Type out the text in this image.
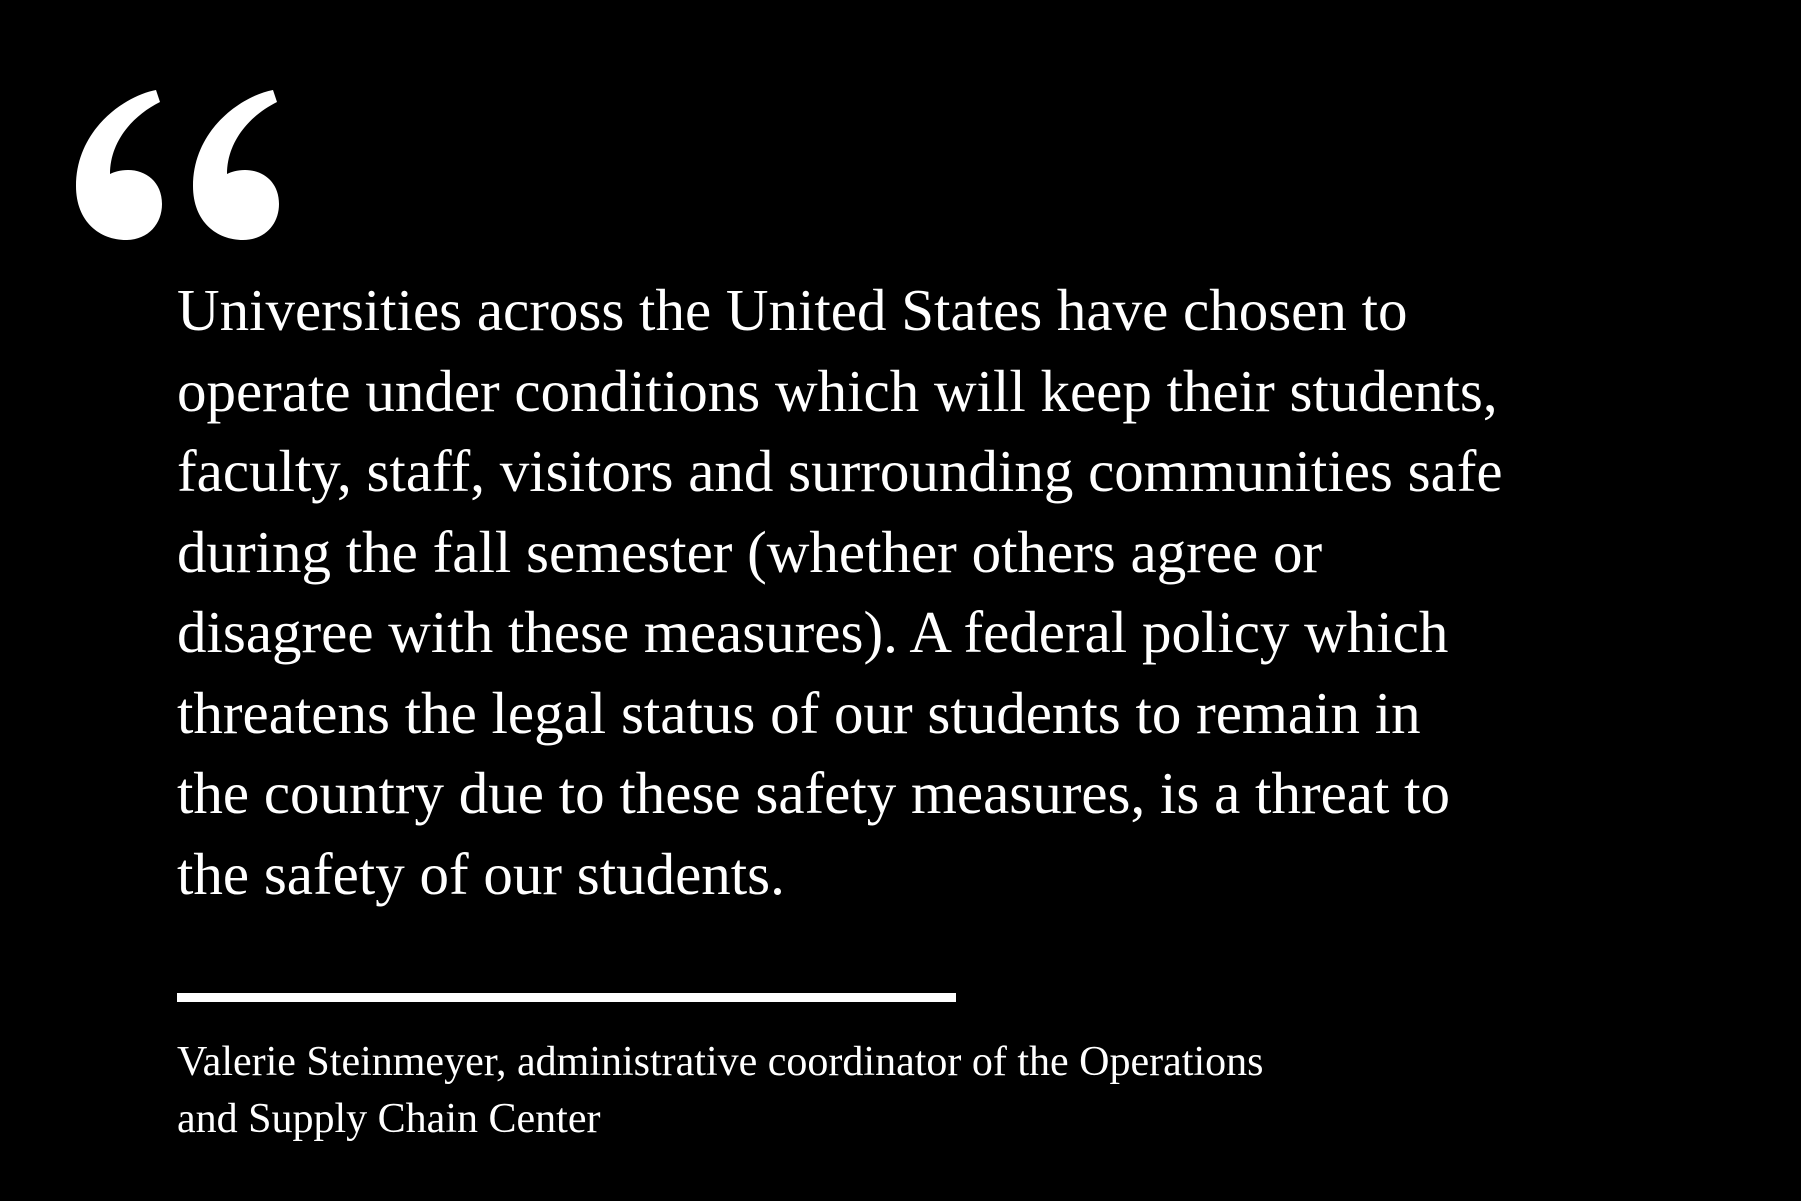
Universities across the United States have chosen to
operate under conditions which will keep their students,
faculty, staff, visitors and surrounding communities safe
during the fall semester (whether others agree or
disagree with these measures). A federal policy which
threatens the legal status of our students to remain in
the country due to these safety measures, is a threat to
the safety of our students.

Valerie Steinmeyer, administrative coordinator of the Operations
and Supply Chain Center
